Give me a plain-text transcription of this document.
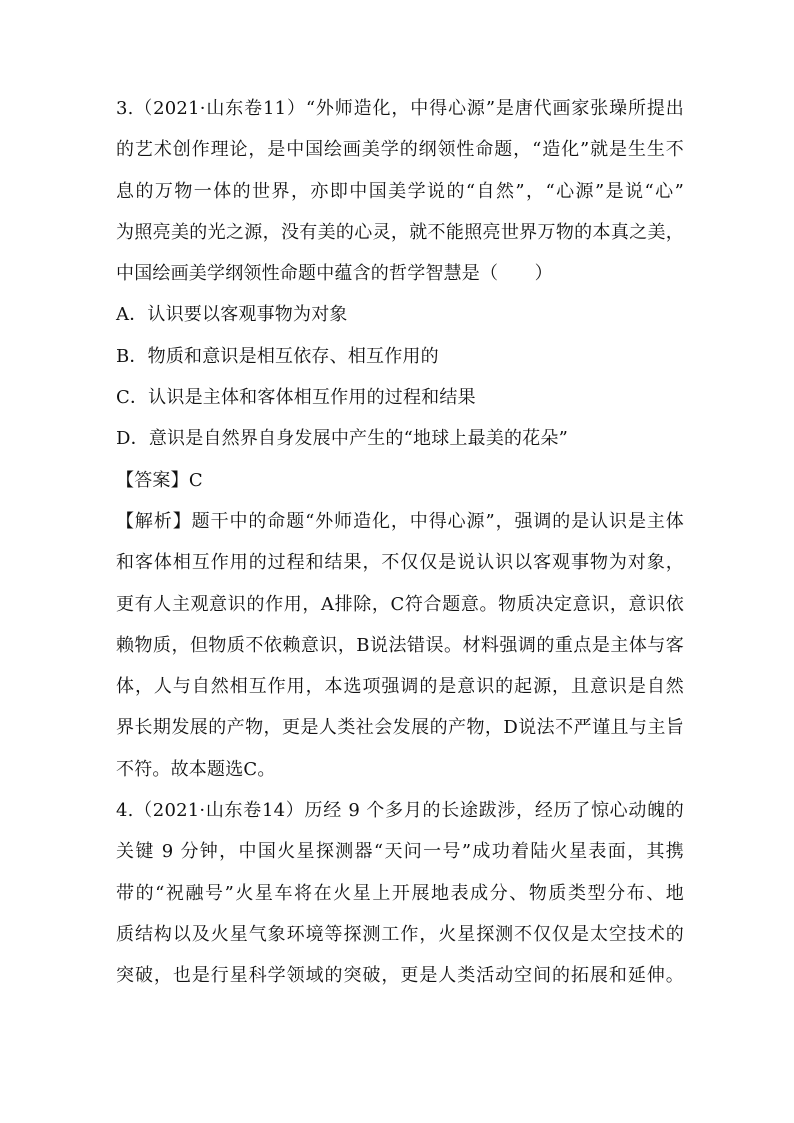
3.（2021·山东卷11）“外师造化，中得心源”是唐代画家张璪所提出
的艺术创作理论，是中国绘画美学的纲领性命题，“造化”就是生生不
息的万物一体的世界，亦即中国美学说的“自然”，“心源”是说“心”
为照亮美的光之源，没有美的心灵，就不能照亮世界万物的本真之美，
中国绘画美学纲领性命题中蕴含的哲学智慧是（　　）
A．认识要以客观事物为对象
B．物质和意识是相互依存、相互作用的
C．认识是主体和客体相互作用的过程和结果
D．意识是自然界自身发展中产生的“地球上最美的花朵”
【答案】C
【解析】题干中的命题“外师造化，中得心源”，强调的是认识是主体
和客体相互作用的过程和结果，不仅仅是说认识以客观事物为对象，
更有人主观意识的作用，A排除，C符合题意。物质决定意识，意识依
赖物质，但物质不依赖意识，B说法错误。材料强调的重点是主体与客
体，人与自然相互作用，本选项强调的是意识的起源，且意识是自然
界长期发展的产物，更是人类社会发展的产物，D说法不严谨且与主旨
不符。故本题选C。
4.（2021·山东卷14）历经 9 个多月的长途跋涉，经历了惊心动魄的
关键 9 分钟，中国火星探测器“天问一号”成功着陆火星表面，其携
带的“祝融号”火星车将在火星上开展地表成分、物质类型分布、地
质结构以及火星气象环境等探测工作，火星探测不仅仅是太空技术的
突破，也是行星科学领域的突破，更是人类活动空间的拓展和延伸。
